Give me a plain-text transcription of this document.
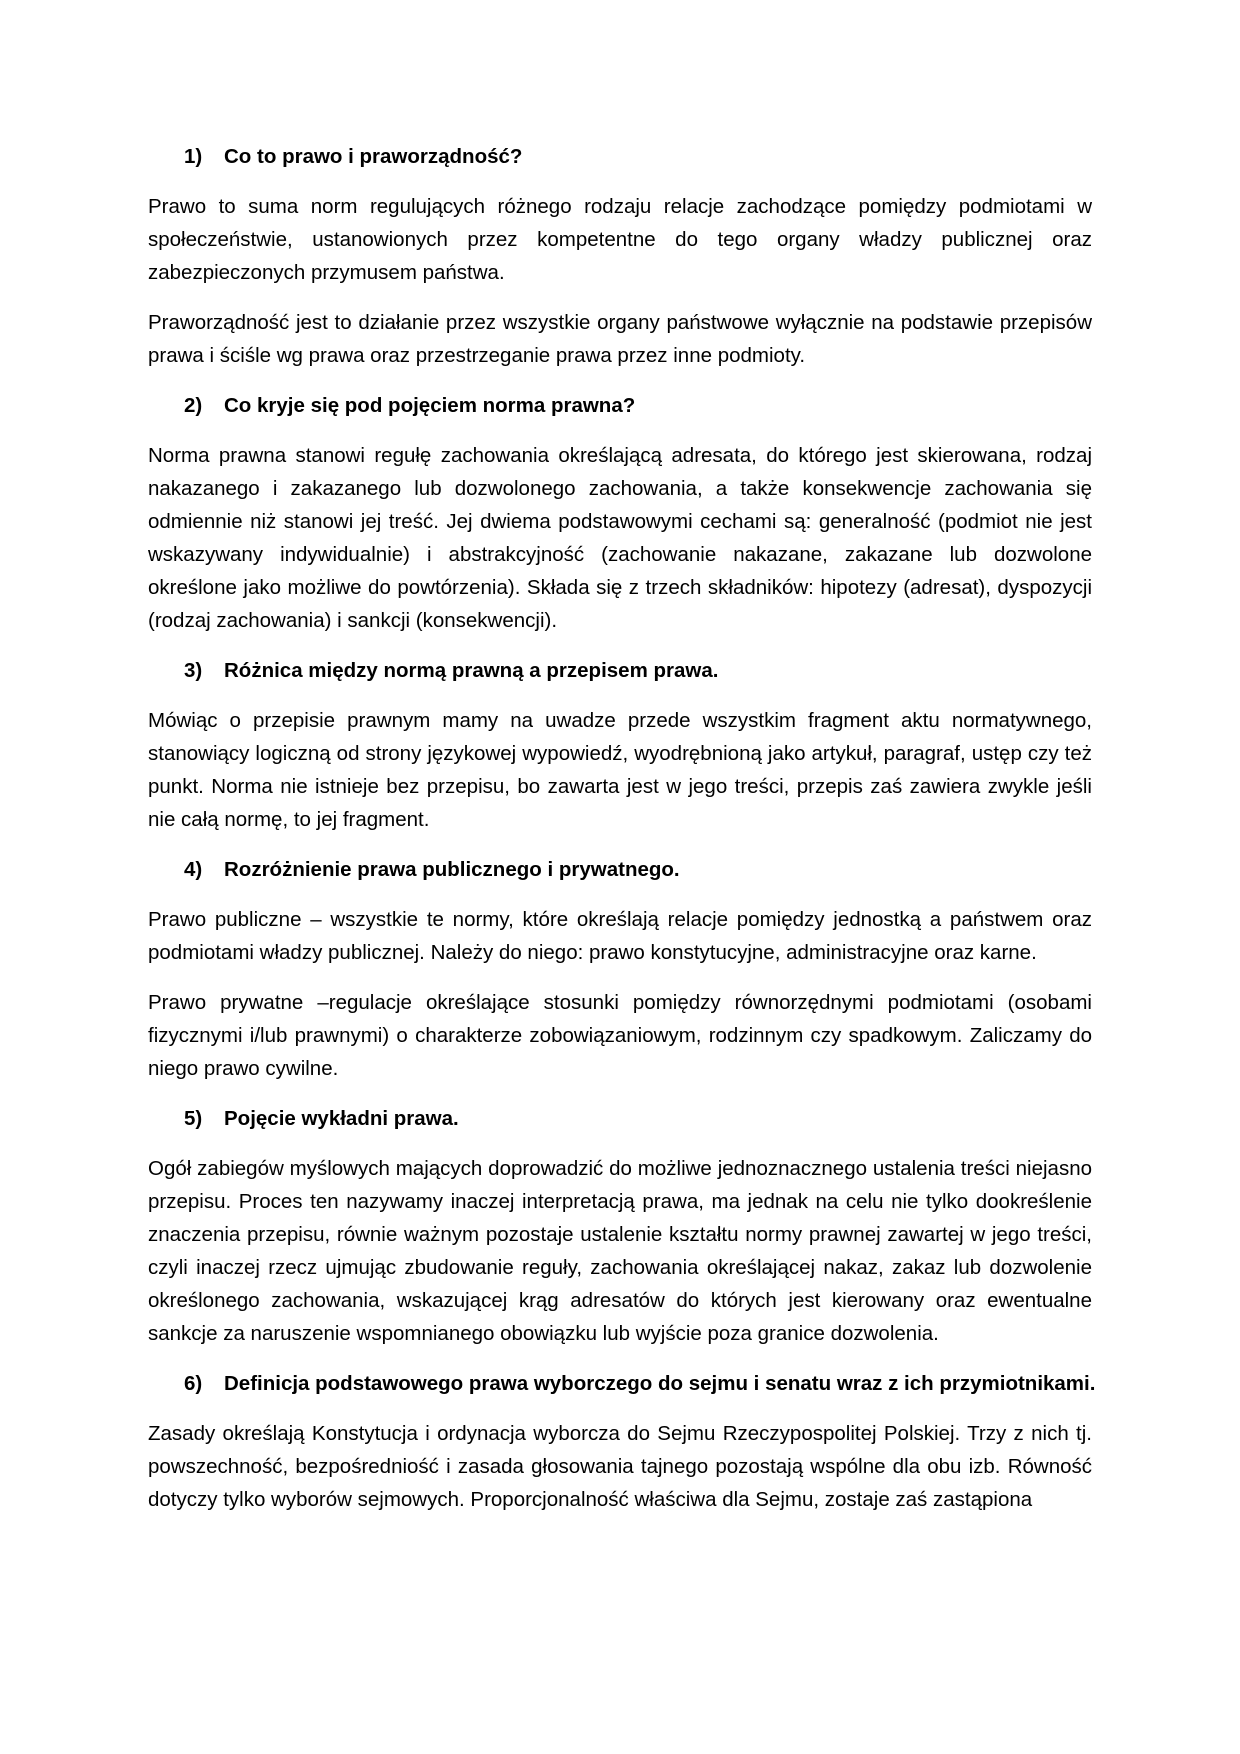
1)	Co to prawo i praworządność?

Prawo to suma norm regulujących różnego rodzaju relacje zachodzące pomiędzy podmiotami w społeczeństwie, ustanowionych przez kompetentne do tego organy władzy publicznej oraz zabezpieczonych przymusem państwa.

Praworządność jest to działanie przez wszystkie organy państwowe wyłącznie na podstawie przepisów prawa i ściśle wg prawa oraz przestrzeganie prawa przez inne podmioty.

2)	Co kryje się pod pojęciem norma prawna?

Norma prawna stanowi regułę zachowania określającą adresata, do którego jest skierowana, rodzaj nakazanego i zakazanego lub dozwolonego zachowania, a także konsekwencje zachowania się odmiennie niż stanowi jej treść. Jej dwiema podstawowymi cechami są: generalność (podmiot nie jest wskazywany indywidualnie) i abstrakcyjność (zachowanie nakazane, zakazane lub dozwolone określone jako możliwe do powtórzenia). Składa się z trzech składników: hipotezy (adresat), dyspozycji (rodzaj zachowania) i sankcji (konsekwencji).

3)	Różnica między normą prawną a przepisem prawa.

Mówiąc o przepisie prawnym mamy na uwadze przede wszystkim fragment aktu normatywnego, stanowiący logiczną od strony językowej wypowiedź, wyodrębnioną jako artykuł, paragraf, ustęp czy też punkt. Norma nie istnieje bez przepisu, bo zawarta jest w jego treści, przepis zaś zawiera zwykle jeśli nie całą normę, to jej fragment.

4)	Rozróżnienie prawa publicznego i prywatnego.

Prawo publiczne – wszystkie te normy, które określają relacje pomiędzy jednostką a państwem oraz podmiotami władzy publicznej. Należy do niego: prawo konstytucyjne, administracyjne oraz karne.

Prawo prywatne –regulacje określające stosunki pomiędzy równorzędnymi podmiotami (osobami fizycznymi i/lub prawnymi) o charakterze zobowiązaniowym, rodzinnym czy spadkowym. Zaliczamy do niego prawo cywilne.

5)	Pojęcie wykładni prawa.

Ogół zabiegów myślowych mających doprowadzić do możliwe jednoznacznego ustalenia treści niejasno przepisu. Proces ten nazywamy inaczej interpretacją prawa, ma jednak na celu nie tylko dookreślenie znaczenia przepisu, równie ważnym pozostaje ustalenie kształtu normy prawnej zawartej w jego treści, czyli inaczej rzecz ujmując zbudowanie reguły, zachowania określającej nakaz, zakaz lub dozwolenie określonego zachowania, wskazującej krąg adresatów do których jest kierowany oraz ewentualne sankcje za naruszenie wspomnianego obowiązku lub wyjście poza granice dozwolenia.

6)	Definicja podstawowego prawa wyborczego do sejmu i senatu wraz z ich przymiotnikami.

Zasady określają Konstytucja i ordynacja wyborcza do Sejmu Rzeczypospolitej Polskiej. Trzy z nich tj. powszechność, bezpośredniość i zasada głosowania tajnego pozostają wspólne dla obu izb. Równość dotyczy tylko wyborów sejmowych. Proporcjonalność właściwa dla Sejmu, zostaje zaś zastąpiona
